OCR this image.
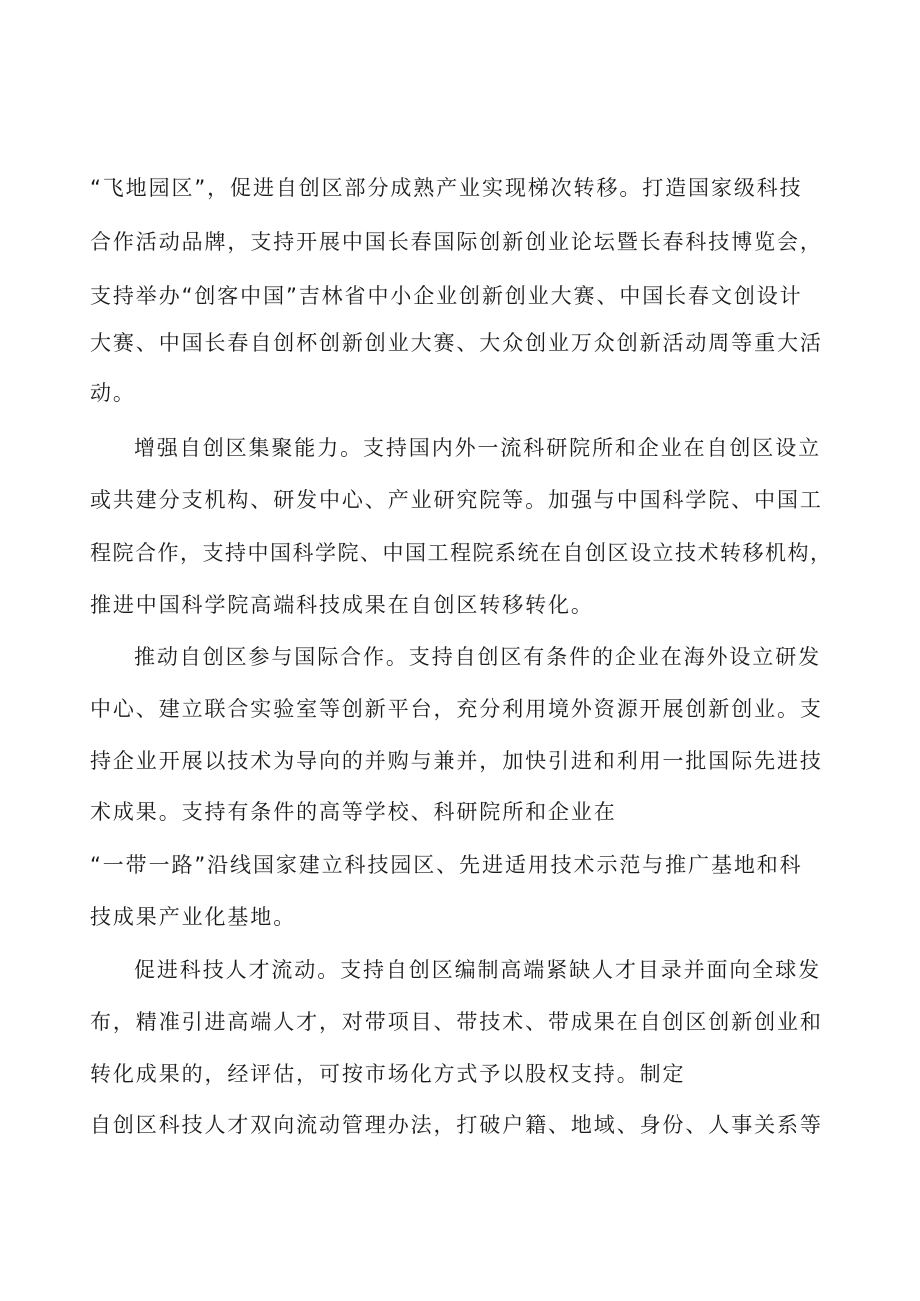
“飞地园区”，促进自创区部分成熟产业实现梯次转移。打造国家级科技
合作活动品牌，支持开展中国长春国际创新创业论坛暨长春科技博览会，
支持举办“创客中国”吉林省中小企业创新创业大赛、中国长春文创设计
大赛、中国长春自创杯创新创业大赛、大众创业万众创新活动周等重大活
动。
增强自创区集聚能力。支持国内外一流科研院所和企业在自创区设立
或共建分支机构、研发中心、产业研究院等。加强与中国科学院、中国工
程院合作，支持中国科学院、中国工程院系统在自创区设立技术转移机构，
推进中国科学院高端科技成果在自创区转移转化。
推动自创区参与国际合作。支持自创区有条件的企业在海外设立研发
中心、建立联合实验室等创新平台，充分利用境外资源开展创新创业。支
持企业开展以技术为导向的并购与兼并，加快引进和利用一批国际先进技
术成果。支持有条件的高等学校、科研院所和企业在
“一带一路”沿线国家建立科技园区、先进适用技术示范与推广基地和科
技成果产业化基地。
促进科技人才流动。支持自创区编制高端紧缺人才目录并面向全球发
布，精准引进高端人才，对带项目、带技术、带成果在自创区创新创业和
转化成果的，经评估，可按市场化方式予以股权支持。制定
自创区科技人才双向流动管理办法，打破户籍、地域、身份、人事关系等
